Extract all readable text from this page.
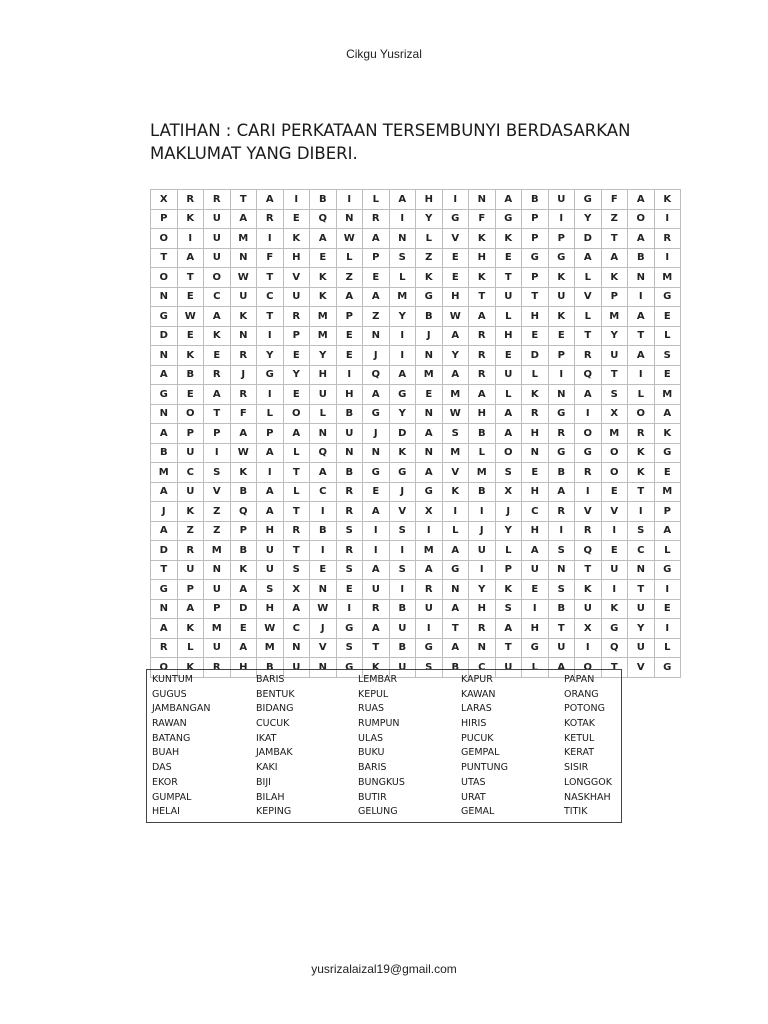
Cikgu Yusrizal
LATIHAN : CARI PERKATAAN TERSEMBUNYI BERDASARKAN
MAKLUMAT YANG DIBERI.
X	R	R	T	A	I	B	I	L	A	H	I	N	A	B	U	G	F	A	K
P	K	U	A	R	E	Q	N	R	I	Y	G	F	G	P	I	Y	Z	O	I
O	I	U	M	I	K	A	W	A	N	L	V	K	K	P	P	D	T	A	R
T	A	U	N	F	H	E	L	P	S	Z	E	H	E	G	G	A	A	B	I
O	T	O	W	T	V	K	Z	E	L	K	E	K	T	P	K	L	K	N	M
N	E	C	U	C	U	K	A	A	M	G	H	T	U	T	U	V	P	I	G
G	W	A	K	T	R	M	P	Z	Y	B	W	A	L	H	K	L	M	A	E
D	E	K	N	I	P	M	E	N	I	J	A	R	H	E	E	T	Y	T	L
N	K	E	R	Y	E	Y	E	J	I	N	Y	R	E	D	P	R	U	A	S
A	B	R	J	G	Y	H	I	Q	A	M	A	R	U	L	I	Q	T	I	E
G	E	A	R	I	E	U	H	A	G	E	M	A	L	K	N	A	S	L	M
N	O	T	F	L	O	L	B	G	Y	N	W	H	A	R	G	I	X	O	A
A	P	P	A	P	A	N	U	J	D	A	S	B	A	H	R	O	M	R	K
B	U	I	W	A	L	Q	N	N	K	N	M	L	O	N	G	G	O	K	G
M	C	S	K	I	T	A	B	G	G	A	V	M	S	E	B	R	O	K	E
A	U	V	B	A	L	C	R	E	J	G	K	B	X	H	A	I	E	T	M
J	K	Z	Q	A	T	I	R	A	V	X	I	I	J	C	R	V	V	I	P
A	Z	Z	P	H	R	B	S	I	S	I	L	J	Y	H	I	R	I	S	A
D	R	M	B	U	T	I	R	I	I	M	A	U	L	A	S	Q	E	C	L
T	U	N	K	U	S	E	S	A	S	A	G	I	P	U	N	T	U	N	G
G	P	U	A	S	X	N	E	U	I	R	N	Y	K	E	S	K	I	T	I
N	A	P	D	H	A	W	I	R	B	U	A	H	S	I	B	U	K	U	E
A	K	M	E	W	C	J	G	A	U	I	T	R	A	H	T	X	G	Y	I
R	L	U	A	M	N	V	S	T	B	G	A	N	T	G	U	I	Q	U	L
O	K	R	H	B	U	N	G	K	U	S	B	C	U	L	A	O	T	V	G
KUNTUM
GUGUS
JAMBANGAN
RAWAN
BATANG
BUAH
DAS
EKOR
GUMPAL
HELAI
BARIS
BENTUK
BIDANG
CUCUK
IKAT
JAMBAK
KAKI
BIJI
BILAH
KEPING
LEMBAR
KEPUL
RUAS
RUMPUN
ULAS
BUKU
BARIS
BUNGKUS
BUTIR
GELUNG
KAPUR
KAWAN
LARAS
HIRIS
PUCUK
GEMPAL
PUNTUNG
UTAS
URAT
GEMAL
PAPAN
ORANG
POTONG
KOTAK
KETUL
KERAT
SISIR
LONGGOK
NASKHAH
TITIK
yusrizalaizal19@gmail.com
